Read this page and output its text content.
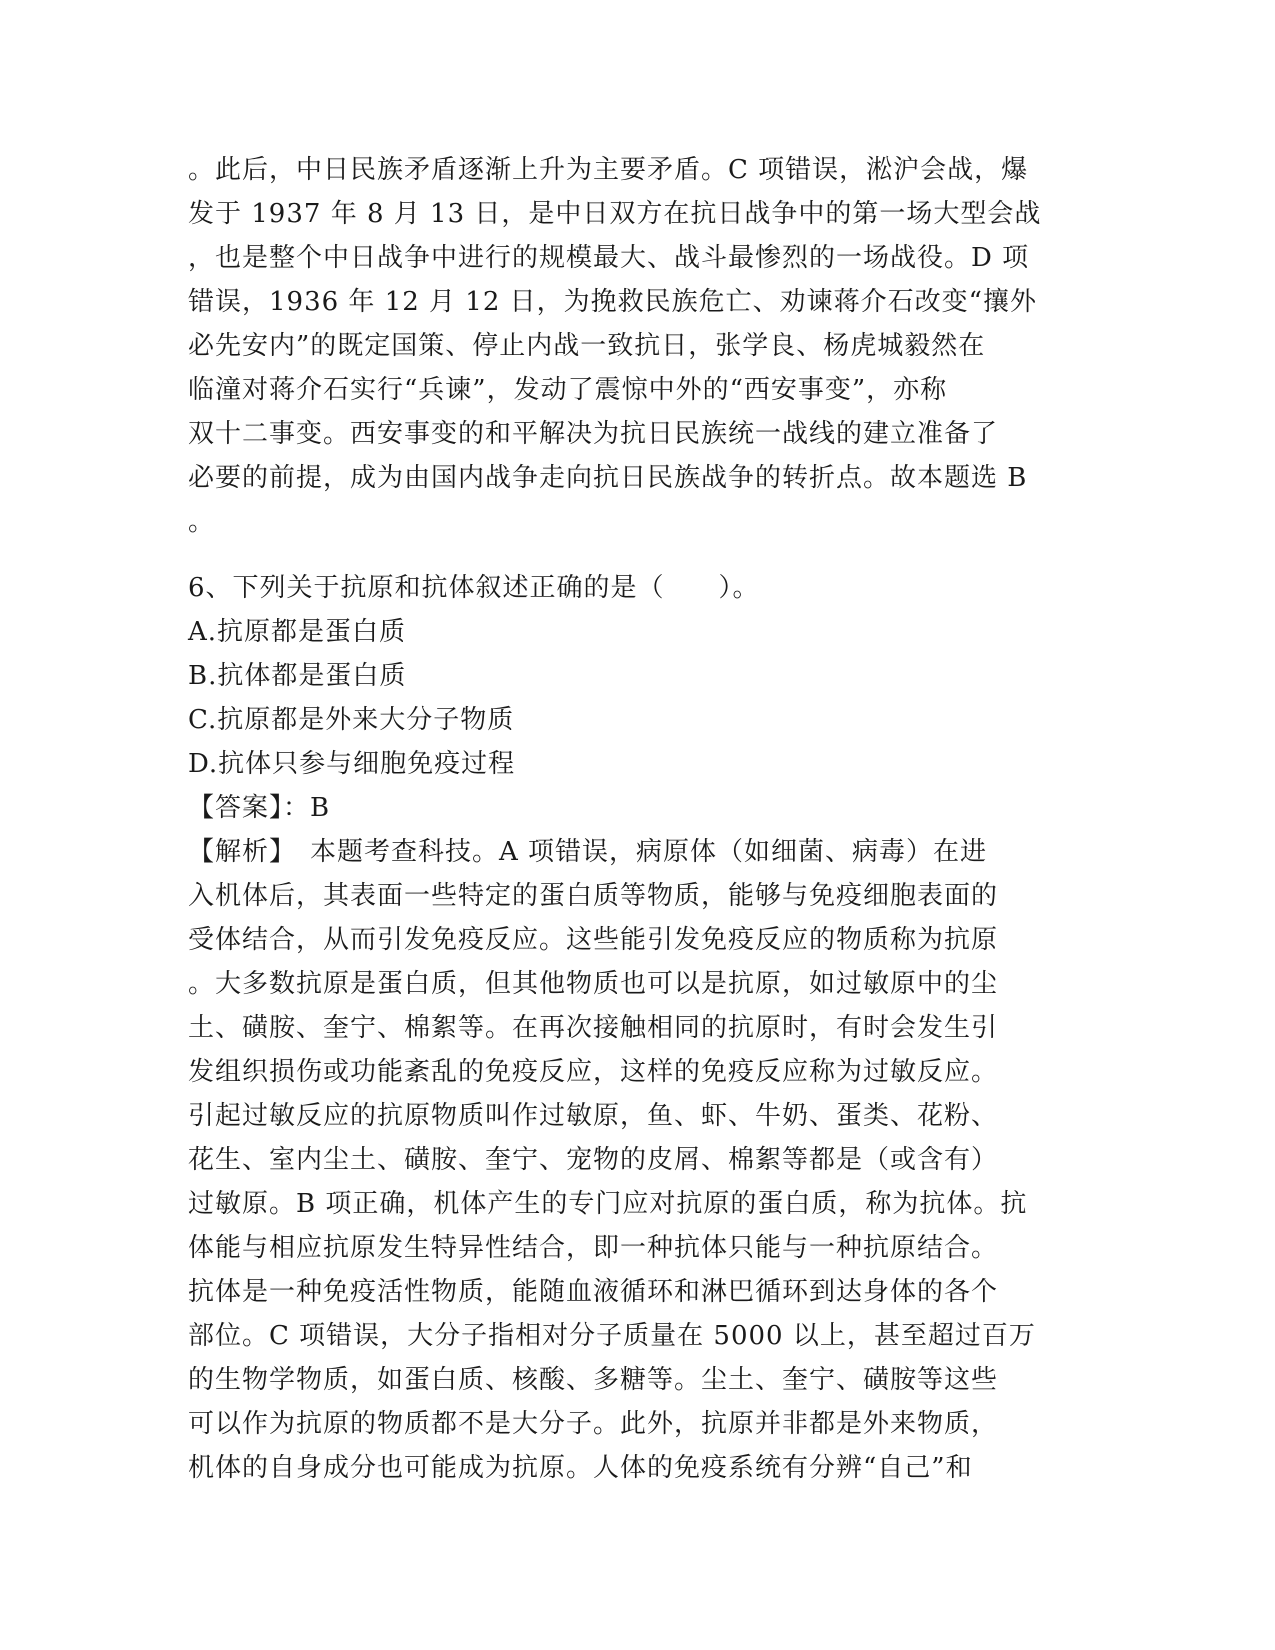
。此后，中日民族矛盾逐渐上升为主要矛盾。C 项错误，淞沪会战，爆
发于 1937 年 8 月 13 日，是中日双方在抗日战争中的第一场大型会战
，也是整个中日战争中进行的规模最大、战斗最惨烈的一场战役。D 项
错误，1936 年 12 月 12 日，为挽救民族危亡、劝谏蒋介石改变“攘外
必先安内”的既定国策、停止内战一致抗日，张学良、杨虎城毅然在
临潼对蒋介石实行“兵谏”，发动了震惊中外的“西安事变”，亦称
双十二事变。西安事变的和平解决为抗日民族统一战线的建立准备了
必要的前提，成为由国内战争走向抗日民族战争的转折点。故本题选 B
。
6、下列关于抗原和抗体叙述正确的是（　　）。
A.抗原都是蛋白质
B.抗体都是蛋白质
C.抗原都是外来大分子物质
D.抗体只参与细胞免疫过程
【答案】：B
【解析】　本题考查科技。A 项错误，病原体（如细菌、病毒）在进
入机体后，其表面一些特定的蛋白质等物质，能够与免疫细胞表面的
受体结合，从而引发免疫反应。这些能引发免疫反应的物质称为抗原
。大多数抗原是蛋白质，但其他物质也可以是抗原，如过敏原中的尘
土、磺胺、奎宁、棉絮等。在再次接触相同的抗原时，有时会发生引
发组织损伤或功能紊乱的免疫反应，这样的免疫反应称为过敏反应。
引起过敏反应的抗原物质叫作过敏原，鱼、虾、牛奶、蛋类、花粉、
花生、室内尘土、磺胺、奎宁、宠物的皮屑、棉絮等都是（或含有）
过敏原。B 项正确，机体产生的专门应对抗原的蛋白质，称为抗体。抗
体能与相应抗原发生特异性结合，即一种抗体只能与一种抗原结合。
抗体是一种免疫活性物质，能随血液循环和淋巴循环到达身体的各个
部位。C 项错误，大分子指相对分子质量在 5000 以上，甚至超过百万
的生物学物质，如蛋白质、核酸、多糖等。尘土、奎宁、磺胺等这些
可以作为抗原的物质都不是大分子。此外，抗原并非都是外来物质，
机体的自身成分也可能成为抗原。人体的免疫系统有分辨“自己”和
